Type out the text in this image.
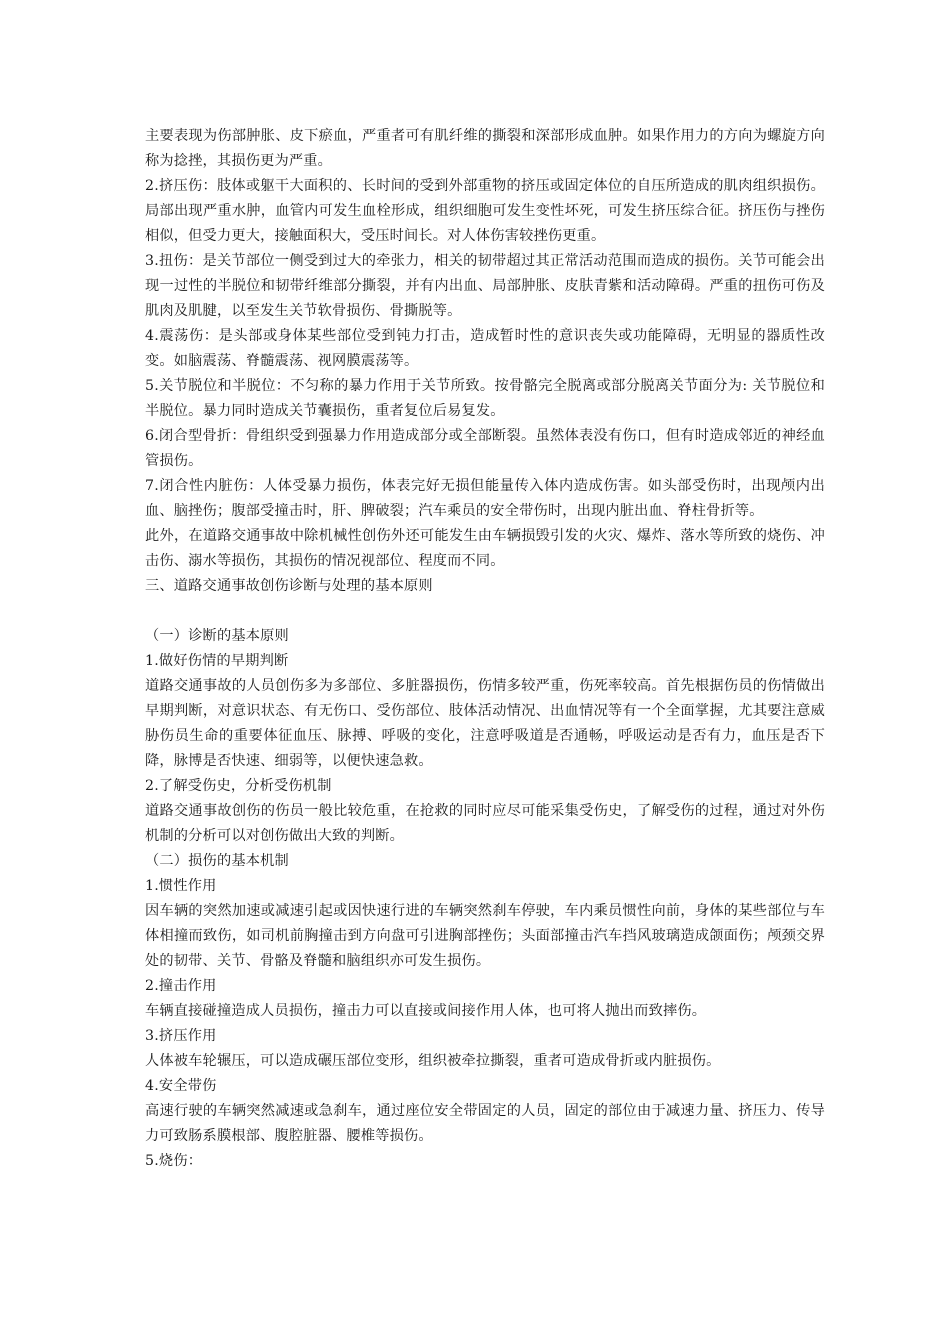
主要表现为伤部肿胀、皮下瘀血，严重者可有肌纤维的撕裂和深部形成血肿。如果作用力的方向为螺旋方向称为捻挫，其损伤更为严重。

2.挤压伤：肢体或躯干大面积的、长时间的受到外部重物的挤压或固定体位的自压所造成的肌肉组织损伤。局部出现严重水肿，血管内可发生血栓形成，组织细胞可发生变性坏死，可发生挤压综合征。挤压伤与挫伤相似，但受力更大，接触面积大，受压时间长。对人体伤害较挫伤更重。

3.扭伤：是关节部位一侧受到过大的牵张力，相关的韧带超过其正常活动范围而造成的损伤。关节可能会出现一过性的半脱位和韧带纤维部分撕裂，并有内出血、局部肿胀、皮肤青紫和活动障碍。严重的扭伤可伤及肌肉及肌腱，以至发生关节软骨损伤、骨撕脱等。

4.震荡伤：是头部或身体某些部位受到钝力打击，造成暂时性的意识丧失或功能障碍，无明显的器质性改变。如脑震荡、脊髓震荡、视网膜震荡等。

5.关节脱位和半脱位：不匀称的暴力作用于关节所致。按骨骼完全脱离或部分脱离关节面分为: 关节脱位和半脱位。暴力同时造成关节囊损伤，重者复位后易复发。

6.闭合型骨折：骨组织受到强暴力作用造成部分或全部断裂。虽然体表没有伤口，但有时造成邻近的神经血管损伤。

7.闭合性内脏伤：人体受暴力损伤，体表完好无损但能量传入体内造成伤害。如头部受伤时，出现颅内出血、脑挫伤；腹部受撞击时，肝、脾破裂；汽车乘员的安全带伤时，出现内脏出血、脊柱骨折等。

此外，在道路交通事故中除机械性创伤外还可能发生由车辆损毁引发的火灾、爆炸、落水等所致的烧伤、冲击伤、溺水等损伤，其损伤的情况视部位、程度而不同。

三、道路交通事故创伤诊断与处理的基本原则

（一）诊断的基本原则

1.做好伤情的早期判断

道路交通事故的人员创伤多为多部位、多脏器损伤，伤情多较严重，伤死率较高。首先根据伤员的伤情做出早期判断，对意识状态、有无伤口、受伤部位、肢体活动情况、出血情况等有一个全面掌握，尤其要注意威胁伤员生命的重要体征血压、脉搏、呼吸的变化，注意呼吸道是否通畅，呼吸运动是否有力，血压是否下降，脉博是否快速、细弱等，以便快速急救。

2.了解受伤史，分析受伤机制

道路交通事故创伤的伤员一般比较危重，在抢救的同时应尽可能采集受伤史，了解受伤的过程，通过对外伤机制的分析可以对创伤做出大致的判断。

（二）损伤的基本机制

1.惯性作用

因车辆的突然加速或减速引起或因快速行进的车辆突然刹车停驶，车内乘员惯性向前，身体的某些部位与车体相撞而致伤，如司机前胸撞击到方向盘可引进胸部挫伤；头面部撞击汽车挡风玻璃造成颌面伤；颅颈交界处的韧带、关节、骨骼及脊髓和脑组织亦可发生损伤。

2.撞击作用

车辆直接碰撞造成人员损伤，撞击力可以直接或间接作用人体，也可将人抛出而致摔伤。

3.挤压作用

人体被车轮辗压，可以造成碾压部位变形，组织被牵拉撕裂，重者可造成骨折或内脏损伤。

4.安全带伤

高速行驶的车辆突然减速或急刹车，通过座位安全带固定的人员，固定的部位由于减速力量、挤压力、传导力可致肠系膜根部、腹腔脏器、腰椎等损伤。

5.烧伤：
